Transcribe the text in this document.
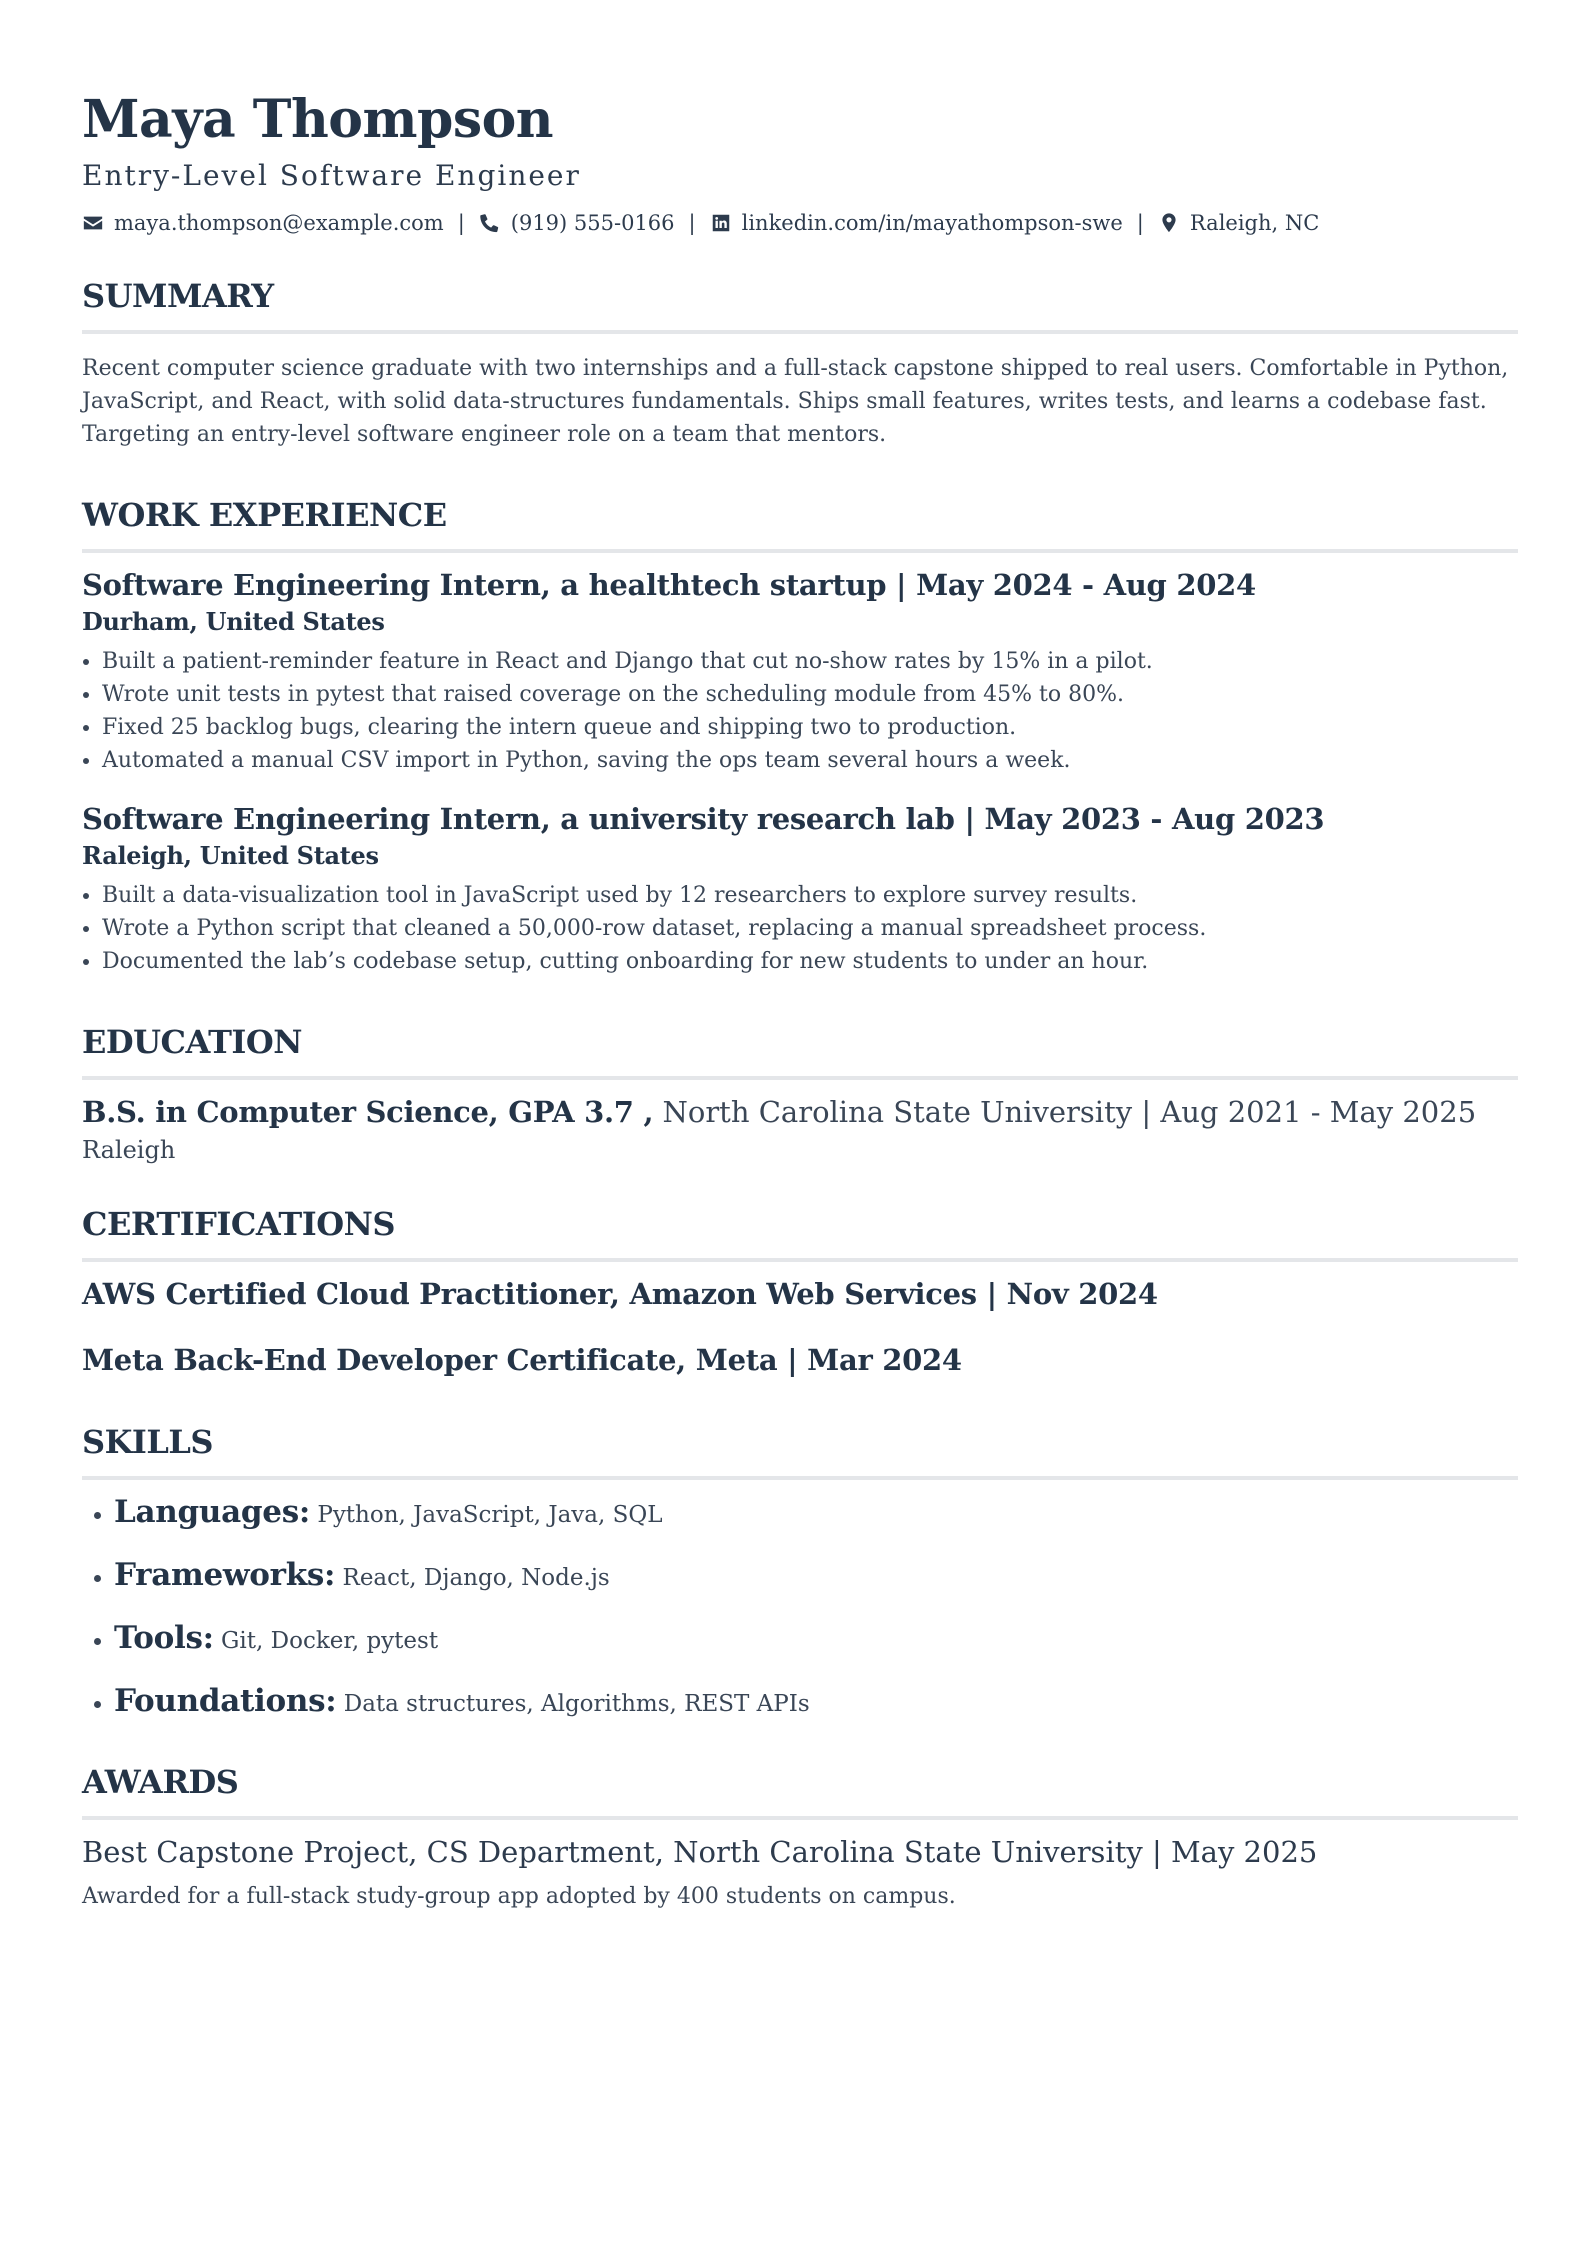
Maya Thompson
Entry-Level Software Engineer
maya.thompson@example.com | (919) 555-0166 | linkedin.com/in/mayathompson-swe | Raleigh, NC
SUMMARY
Recent computer science graduate with two internships and a full-stack capstone shipped to real users. Comfortable in Python, JavaScript, and React, with solid data-structures fundamentals. Ships small features, writes tests, and learns a codebase fast. Targeting an entry-level software engineer role on a team that mentors.
WORK EXPERIENCE
Software Engineering Intern, a healthtech startup | May 2024 - Aug 2024
Durham, United States
• Built a patient-reminder feature in React and Django that cut no-show rates by 15% in a pilot.
• Wrote unit tests in pytest that raised coverage on the scheduling module from 45% to 80%.
• Fixed 25 backlog bugs, clearing the intern queue and shipping two to production.
• Automated a manual CSV import in Python, saving the ops team several hours a week.
Software Engineering Intern, a university research lab | May 2023 - Aug 2023
Raleigh, United States
• Built a data-visualization tool in JavaScript used by 12 researchers to explore survey results.
• Wrote a Python script that cleaned a 50,000-row dataset, replacing a manual spreadsheet process.
• Documented the lab’s codebase setup, cutting onboarding for new students to under an hour.
EDUCATION
B.S. in Computer Science, GPA 3.7 , North Carolina State University | Aug 2021 - May 2025
Raleigh
CERTIFICATIONS
AWS Certified Cloud Practitioner, Amazon Web Services | Nov 2024
Meta Back-End Developer Certificate, Meta | Mar 2024
SKILLS
• Languages: Python, JavaScript, Java, SQL
• Frameworks: React, Django, Node.js
• Tools: Git, Docker, pytest
• Foundations: Data structures, Algorithms, REST APIs
AWARDS
Best Capstone Project, CS Department, North Carolina State University | May 2025
Awarded for a full-stack study-group app adopted by 400 students on campus.
